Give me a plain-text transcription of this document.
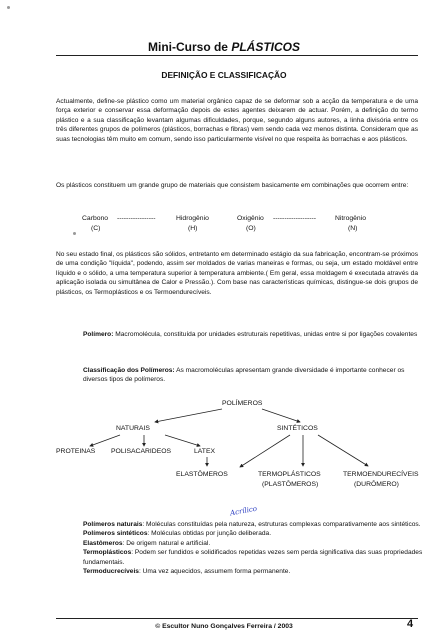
Mini-Curso de PLÁSTICOS
DEFINIÇÃO E CLASSIFICAÇÃO
Actualmente, define-se plástico como um material orgânico capaz de se deformar sob a acção da temperatura e de uma força exterior e conservar essa deformação depois de estes agentes deixarem de actuar. Porém, a definição do termo plástico e a sua classificação levantam algumas dificuldades, porque, segundo alguns autores, a linha divisória entre os três diferentes grupos de polímeros (plásticos, borrachas e fibras) vem sendo cada vez menos distinta. Consideram que as suas tecnologias têm muito em comum, sendo isso particularmente visível no que respeita às borrachas e aos plásticos.
Os plásticos constituem um grande grupo de materiais que consistem basicamente em combinações que ocorrem entre:
Carbono -----------------	Hidrogênio	Oxigênio -------------------	Nitrogênio
(C)	(H)	(O)	(N)
No seu estado final, os plásticos são sólidos, entretanto em determinado estágio da sua fabricação, encontram-se próximos de uma condição "líquida", podendo, assim ser moldados de varias maneiras e formas, ou seja, um estado moldável entre líquido e o sólido, a uma temperatura superior à temperatura ambiente.( Em geral, essa moldagem é executada através da aplicação isolada ou simultânea de Calor e Pressão.). Com base nas características químicas, distingue-se dois grupos de plásticos, os Termoplásticos e os Termoendurecíveis.
Polímero: Macromolécula, constituída por unidades estruturais repetitivas, unidas entre si por ligações covalentes
Classificação dos Polímeros: As macromoléculas apresentam grande diversidade é importante conhecer os diversos tipos de polímeros.
POLÍMEROS
NATURAIS	SINTÉTICOS
PROTEINAS POLISACARIDEOS	LATEX
ELASTÔMEROS	TERMOPLÁSTICOS
(PLASTÔMEROS)
TERMOENDURECÍVEIS
(DURÔMERO)
Acrílico
Polímeros naturais: Moléculas constituídas pela natureza, estruturas complexas comparativamente aos sintéticos.
Polímeros sintéticos: Moléculas obtidas por junção deliberada.
Elastômeros: De origem natural e artificial.
Termoplásticos: Podem ser fundidos e solidificados repetidas vezes sem perda significativa das suas propriedades fundamentais.
Termoducrecíveis: Uma vez aquecidos, assumem forma permanente.
© Escultor Nuno Gonçalves Ferreira / 2003	4
